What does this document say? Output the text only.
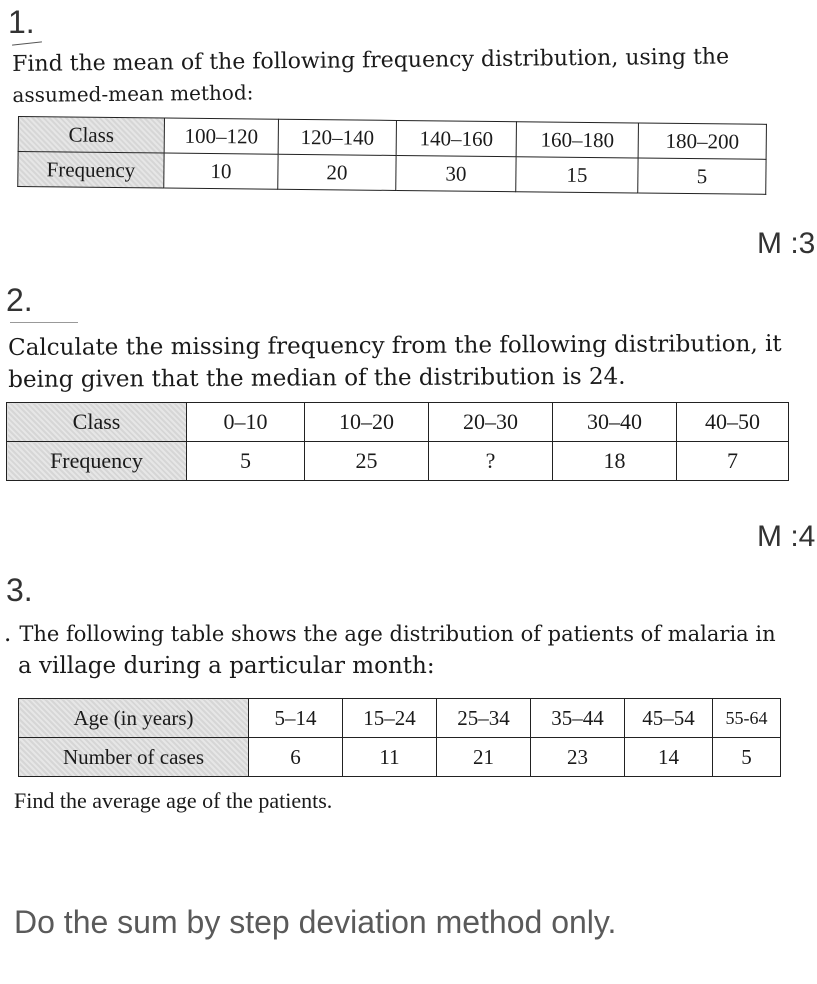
1.

Find the mean of the following frequency distribution, using the

assumed-mean method:

Class	100–120	120–140	140–160	160–180	180–200
Frequency	10	20	30	15	5
M :3
2.

Calculate the missing frequency from the following distribution, it

being given that the median of the distribution is 24.

Class	0–10	10–20	20–30	30–40	40–50
Frequency	5	25	?	18	7
M :4
3.

. The following table shows the age distribution of patients of malaria in

a village during a particular month:

Age (in years)	5–14	15–24	25–34	35–44	45–54	55-64
Number of cases	6	11	21	23	14	5
Find the average age of the patients.
Do the sum by step deviation method only.
